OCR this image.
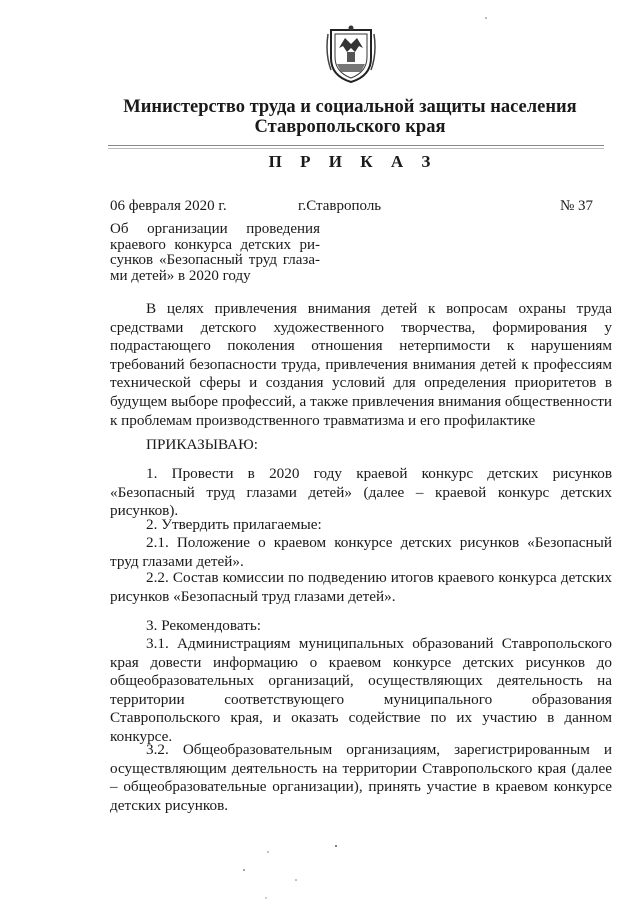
Министерство труда и социальной защиты населения
Ставропольского края
П Р И К А З
06 февраля 2020 г.	г.Ставрополь	№ 37
Об организации проведения
краевого конкурса детских ри-
сунков «Безопасный труд глаза-
ми детей» в 2020 году
В целях привлечения внимания детей к вопросам охраны труда средствами детского художественного творчества, формирования у подрастающего поколения отношения нетерпимости к нарушениям требований безопасности труда, привлечения внимания детей к профессиям технической сферы и создания условий для определения приоритетов в будущем выборе профессий, а также привлечения внимания общественности к проблемам производственного травматизма и его профилактике
ПРИКАЗЫВАЮ:
1. Провести в 2020 году краевой конкурс детских рисунков «Безопасный труд глазами детей» (далее – краевой конкурс детских рисунков).
2. Утвердить прилагаемые:
2.1. Положение о краевом конкурсе детских рисунков «Безопасный труд глазами детей».
2.2. Состав комиссии по подведению итогов краевого конкурса детских рисунков «Безопасный труд глазами детей».
3. Рекомендовать:
3.1. Администрациям муниципальных образований Ставропольского края довести информацию о краевом конкурсе детских рисунков до общеобразовательных организаций, осуществляющих деятельность на территории соответствующего муниципального образования Ставропольского края, и оказать содействие по их участию в данном конкурсе.
3.2. Общеобразовательным организациям, зарегистрированным и осуществляющим деятельность на территории Ставропольского края (далее – общеобразовательные организации), принять участие в краевом конкурсе детских рисунков.
